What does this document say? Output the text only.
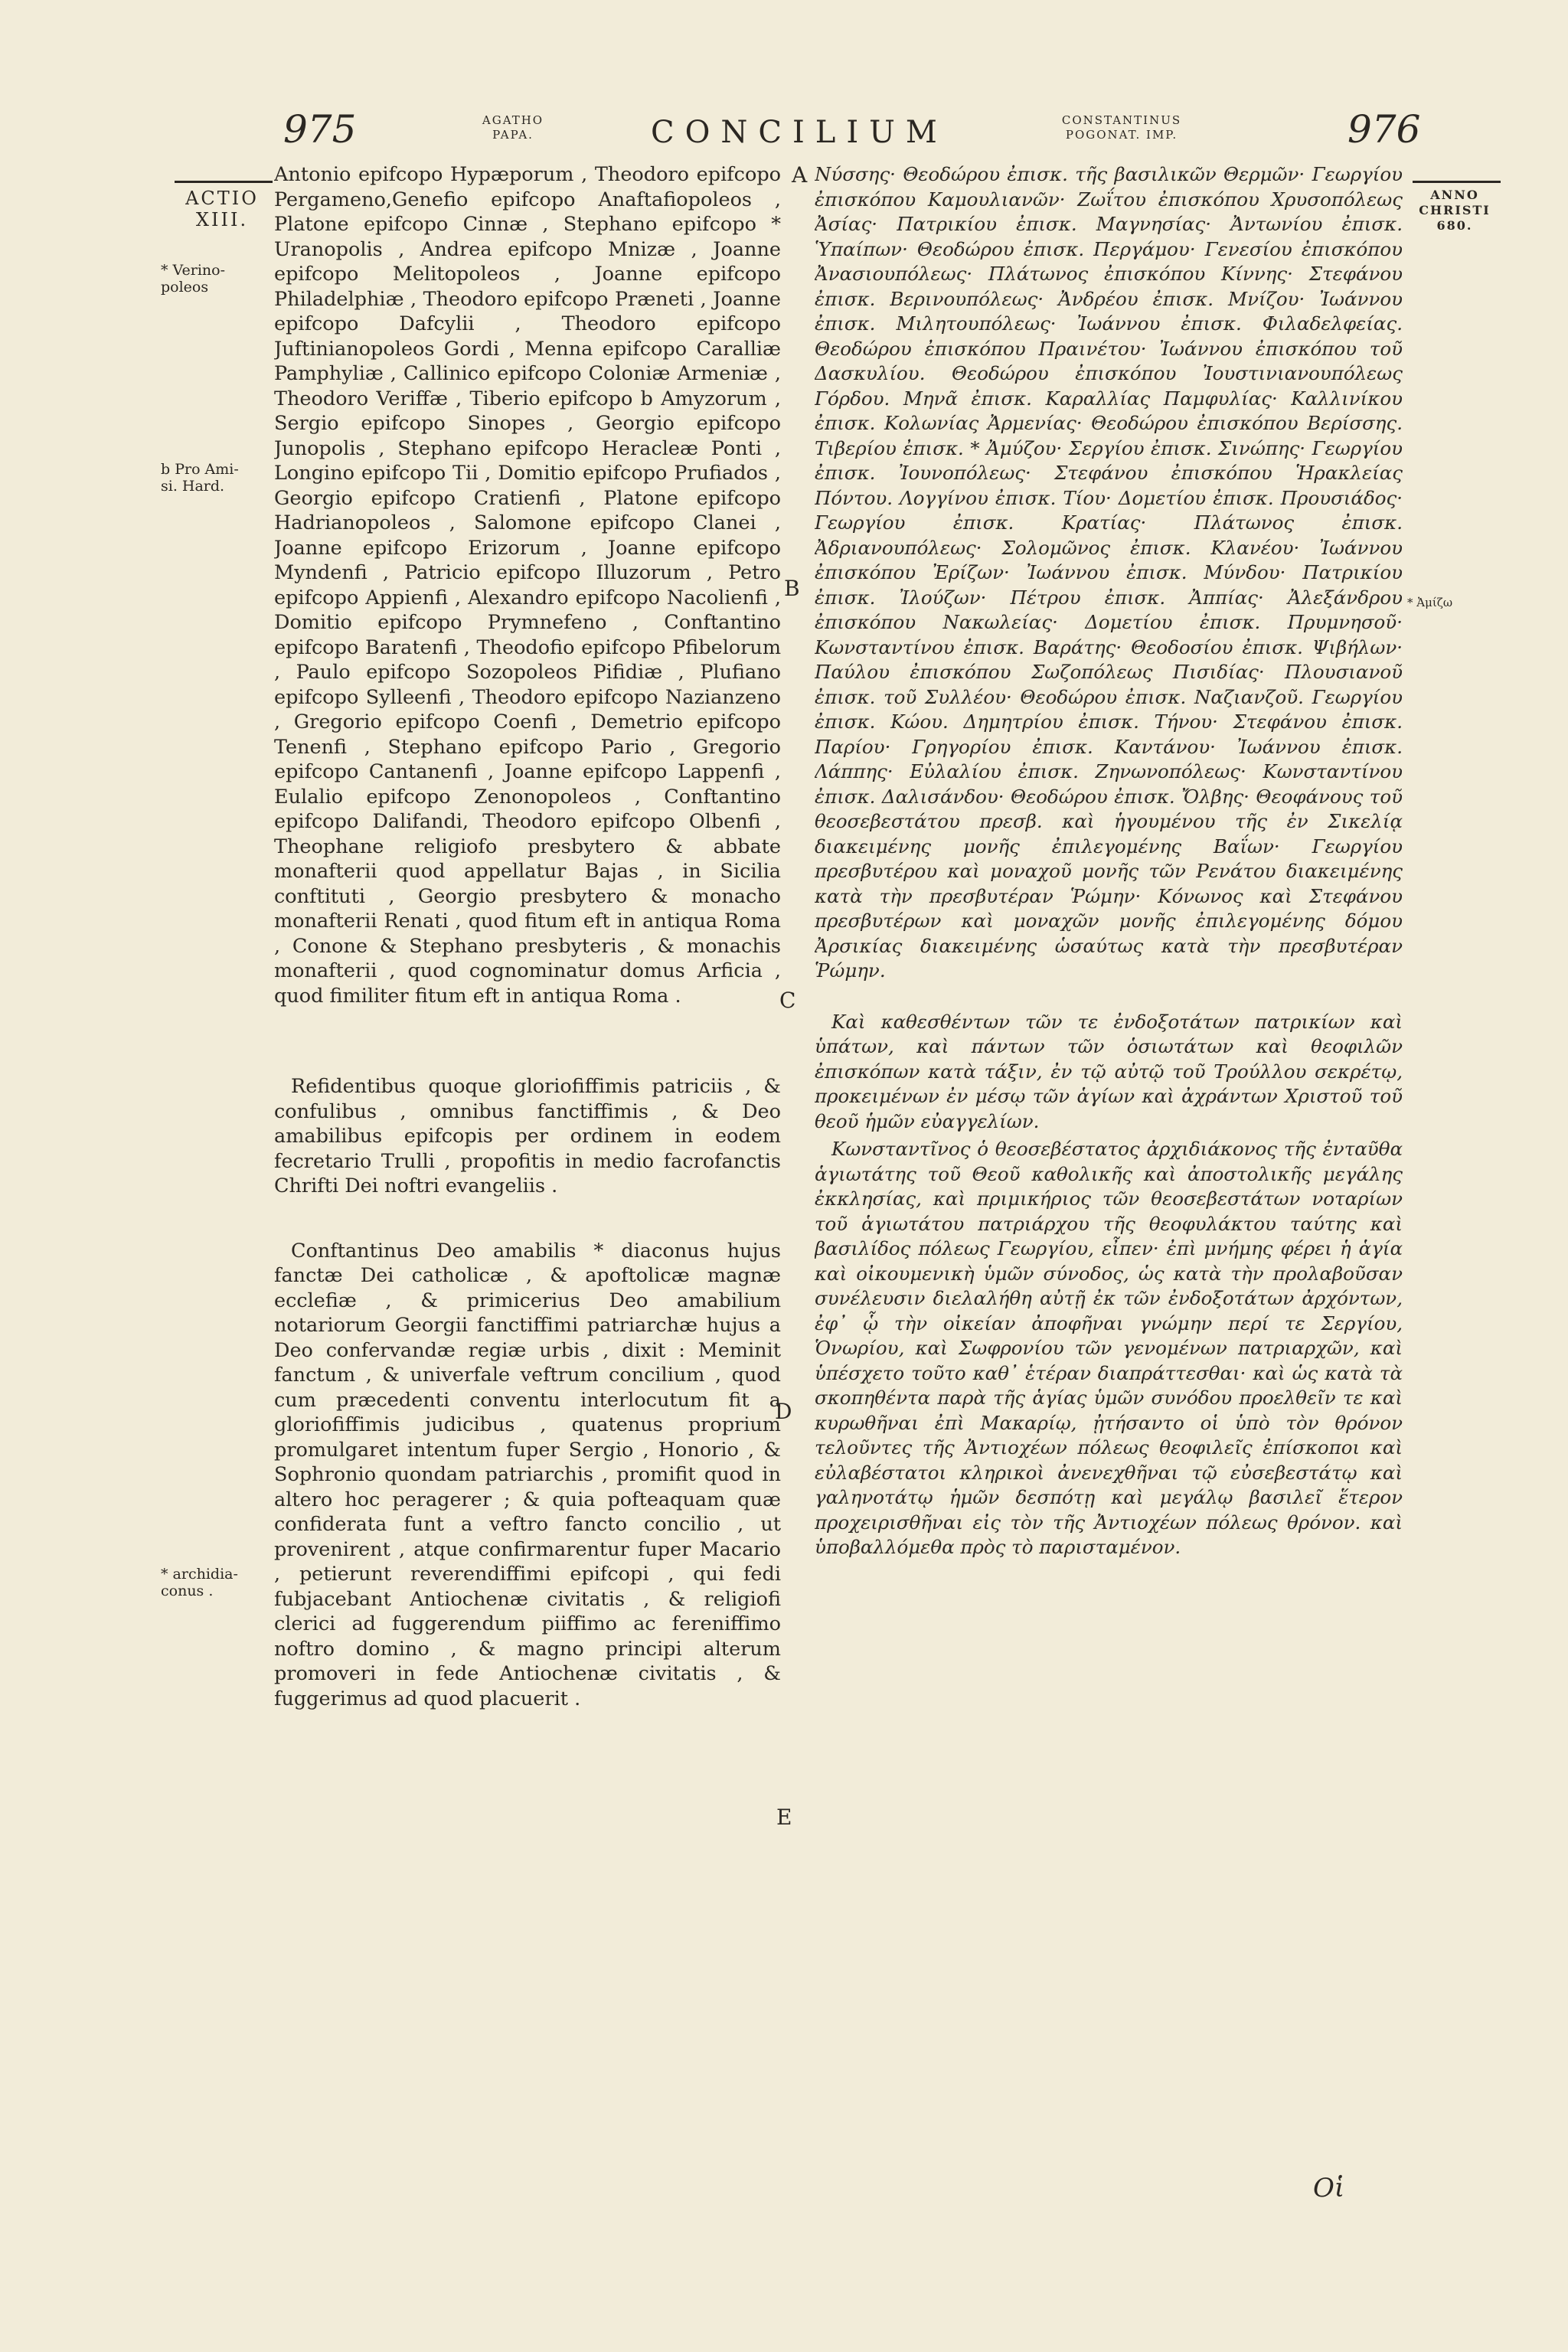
975	AGATHO
PAPA.	CONCILIUM	CONSTANTINUS
POGONAT. IMP.	976
ACTIO
XIII.
* Verino-
poleos
b Pro Ami-
si. Hard.
* archidia-
conus .
ANNO
CHRISTI
680.
* Ἀμίζω
A
B
C
D
E

Antonio epifcopo Hypæporum , Theodoro epifcopo Pergameno,Genefio epifcopo Anaftafiopoleos , Platone epifcopo Cinnæ , Stephano epifcopo * Uranopolis , Andrea epifcopo Mnizæ , Joanne epifcopo Melitopoleos , Joanne epifcopo Philadelphiæ , Theodoro epifcopo Præneti , Joanne epifcopo Dafcylii , Theodoro epifcopo Juftinianopoleos Gordi , Menna epifcopo Caralliæ Pamphyliæ , Callinico epifcopo Coloniæ Armeniæ , Theodoro Veriffæ , Tiberio epifcopo b Amyzorum , Sergio epifcopo Sinopes , Georgio epifcopo Junopolis , Stephano epifcopo Heracleæ Ponti , Longino epifcopo Tii , Domitio epifcopo Prufiados , Georgio epifcopo Cratienfi , Platone epifcopo Hadrianopoleos , Salomone epifcopo Clanei , Joanne epifcopo Erizorum , Joanne epifcopo Myndenfi , Patricio epifcopo Illuzorum , Petro epifcopo Appienfi , Alexandro epifcopo Nacolienfi , Domitio epifcopo Prymnefeno , Conftantino epifcopo Baratenfi , Theodofio epifcopo Pfibelorum , Paulo epifcopo Sozopoleos Pifidiæ , Plufiano epifcopo Sylleenfi , Theodoro epifcopo Nazianzeno , Gregorio epifcopo Coenfi , Demetrio epifcopo Tenenfi , Stephano epifcopo Pario , Gregorio epifcopo Cantanenfi , Joanne epifcopo Lappenfi , Eulalio epifcopo Zenonopoleos , Conftantino epifcopo Dalifandi, Theodoro epifcopo Olbenfi , Theophane religiofo presbytero & abbate monafterii quod appellatur Bajas , in Sicilia conftituti , Georgio presbytero & monacho monafterii Renati , quod fitum eft in antiqua Roma , Conone & Stephano presbyteris , & monachis monafterii , quod cognominatur domus Arficia , quod fimiliter fitum eft in antiqua Roma .

Refidentibus quoque gloriofiffimis patriciis , & confulibus , omnibus fanctiffimis , & Deo amabilibus epifcopis per ordinem in eodem fecretario Trulli , propofitis in medio facrofanctis Chrifti Dei noftri evangeliis .

Conftantinus Deo amabilis * diaconus hujus fanctæ Dei catholicæ , & apoftolicæ magnæ ecclefiæ , & primicerius Deo amabilium notariorum Georgii fanctiffimi patriarchæ hujus a Deo confervandæ regiæ urbis , dixit : Meminit fanctum , & univerfale veftrum concilium , quod cum præcedenti conventu interlocutum fit a gloriofiffimis judicibus , quatenus proprium promulgaret intentum fuper Sergio , Honorio , & Sophronio quondam patriarchis , promifit quod in altero hoc peragerer ; & quia pofteaquam quæ confiderata funt a veftro fancto concilio , ut provenirent , atque confirmarentur fuper Macario , petierunt reverendiffimi epifcopi , qui fedi fubjacebant Antiochenæ civitatis , & religiofi clerici ad fuggerendum piiffimo ac fereniffimo noftro domino , & magno principi alterum promoveri in fede Antiochenæ civitatis , & fuggerimus ad quod placuerit .

Νύσσης· Θεοδώρου ἐπισκ. τῆς βασιλικῶν Θερμῶν· Γεωργίου ἐπισκόπου Καμουλιανῶν· Ζωΐτου ἐπισκόπου Χρυσοπόλεως Ἀσίας· Πατρικίου ἐπισκ. Μαγνησίας· Ἀντωνίου ἐπισκ. Ὑπαίπων· Θεοδώρου ἐπισκ. Περγάμου· Γενεσίου ἐπισκόπου Ἀνασιουπόλεως· Πλάτωνος ἐπισκόπου Κίννης· Στεφάνου ἐπισκ. Βερινουπόλεως· Ἀνδρέου ἐπισκ. Μνίζου· Ἰωάννου ἐπισκ. Μιλητουπόλεως· Ἰωάννου ἐπισκ. Φιλαδελφείας. Θεοδώρου ἐπισκόπου Πραινέτου· Ἰωάννου ἐπισκόπου τοῦ Δασκυλίου. Θεοδώρου ἐπισκόπου Ἰουστινιανουπόλεως Γόρδου. Μηνᾶ ἐπισκ. Καραλλίας Παμφυλίας· Καλλινίκου ἐπισκ. Κολωνίας Ἀρμενίας· Θεοδώρου ἐπισκόπου Βερίσσης. Τιβερίου ἐπισκ. * Ἀμύζου· Σεργίου ἐπισκ. Σινώπης· Γεωργίου ἐπισκ. Ἰουνοπόλεως· Στεφάνου ἐπισκόπου Ἡρακλείας Πόντου. Λογγίνου ἐπισκ. Τίου· Δομετίου ἐπισκ. Προυσιάδος· Γεωργίου ἐπισκ. Κρατίας· Πλάτωνος ἐπισκ. Ἀδριανουπόλεως· Σολομῶνος ἐπισκ. Κλανέου· Ἰωάννου ἐπισκόπου Ἐρίζων· Ἰωάννου ἐπισκ. Μύνδου· Πατρικίου ἐπισκ. Ἰλούζων· Πέτρου ἐπισκ. Ἀππίας· Ἀλεξάνδρου ἐπισκόπου Νακωλείας· Δομετίου ἐπισκ. Πρυμνησοῦ· Κωνσταντίνου ἐπισκ. Βαράτης· Θεοδοσίου ἐπισκ. Ψιβήλων· Παύλου ἐπισκόπου Σωζοπόλεως Πισιδίας· Πλουσιανοῦ ἐπισκ. τοῦ Συλλέου· Θεοδώρου ἐπισκ. Ναζιανζοῦ. Γεωργίου ἐπισκ. Κώου. Δημητρίου ἐπισκ. Τήνου· Στεφάνου ἐπισκ. Παρίου· Γρηγορίου ἐπισκ. Καντάνου· Ἰωάννου ἐπισκ. Λάππης· Εὐλαλίου ἐπισκ. Ζηνωνοπόλεως· Κωνσταντίνου ἐπισκ. Δαλισάνδου· Θεοδώρου ἐπισκ. Ὄλβης· Θεοφάνους τοῦ θεοσεβεστάτου πρεσβ. καὶ ἡγουμένου τῆς ἐν Σικελίᾳ διακειμένης μονῆς ἐπιλεγομένης Βαΐων· Γεωργίου πρεσβυτέρου καὶ μοναχοῦ μονῆς τῶν Ρενάτου διακειμένης κατὰ τὴν πρεσβυτέραν Ῥώμην· Κόνωνος καὶ Στεφάνου πρεσβυτέρων καὶ μοναχῶν μονῆς ἐπιλεγομένης δόμου Ἀρσικίας διακειμένης ὡσαύτως κατὰ τὴν πρεσβυτέραν Ῥώμην.

Καὶ καθεσθέντων τῶν τε ἐνδοξοτάτων πατρικίων καὶ ὑπάτων, καὶ πάντων τῶν ὁσιωτάτων καὶ θεοφιλῶν ἐπισκόπων κατὰ τάξιν, ἐν τῷ αὐτῷ τοῦ Τρούλλου σεκρέτῳ, προκειμένων ἐν μέσῳ τῶν ἁγίων καὶ ἀχράντων Χριστοῦ τοῦ θεοῦ ἡμῶν εὐαγγελίων.

Κωνσταντῖνος ὁ θεοσεβέστατος ἀρχιδιάκονος τῆς ἐνταῦθα ἁγιωτάτης τοῦ Θεοῦ καθολικῆς καὶ ἀποστολικῆς μεγάλης ἐκκλησίας, καὶ πριμικήριος τῶν θεοσεβεστάτων νοταρίων τοῦ ἁγιωτάτου πατριάρχου τῆς θεοφυλάκτου ταύτης καὶ βασιλίδος πόλεως Γεωργίου, εἶπεν· ἐπὶ μνήμης φέρει ἡ ἁγία καὶ οἰκουμενικὴ ὑμῶν σύνοδος, ὡς κατὰ τὴν προλαβοῦσαν συνέλευσιν διελαλήθη αὐτῇ ἐκ τῶν ἐνδοξοτάτων ἀρχόντων, ἐφ᾽ ᾧ τὴν οἰκείαν ἀποφῆναι γνώμην περί τε Σεργίου, Ὁνωρίου, καὶ Σωφρονίου τῶν γενομένων πατριαρχῶν, καὶ ὑπέσχετο τοῦτο καθ᾽ ἑτέραν διαπράττεσθαι· καὶ ὡς κατὰ τὰ σκοπηθέντα παρὰ τῆς ἁγίας ὑμῶν συνόδου προελθεῖν τε καὶ κυρωθῆναι ἐπὶ Μακαρίῳ, ᾐτήσαντο οἱ ὑπὸ τὸν θρόνον τελοῦντες τῆς Ἀντιοχέων πόλεως θεοφιλεῖς ἐπίσκοποι καὶ εὐλαβέστατοι κληρικοὶ ἀνενεχθῆναι τῷ εὐσεβεστάτῳ καὶ γαληνοτάτῳ ἡμῶν δεσπότῃ καὶ μεγάλῳ βασιλεῖ ἕτερον προχειρισθῆναι εἰς τὸν τῆς Ἀντιοχέων πόλεως θρόνον. καὶ ὑποβαλλόμεθα πρὸς τὸ παρισταμένον.

Οἱ
